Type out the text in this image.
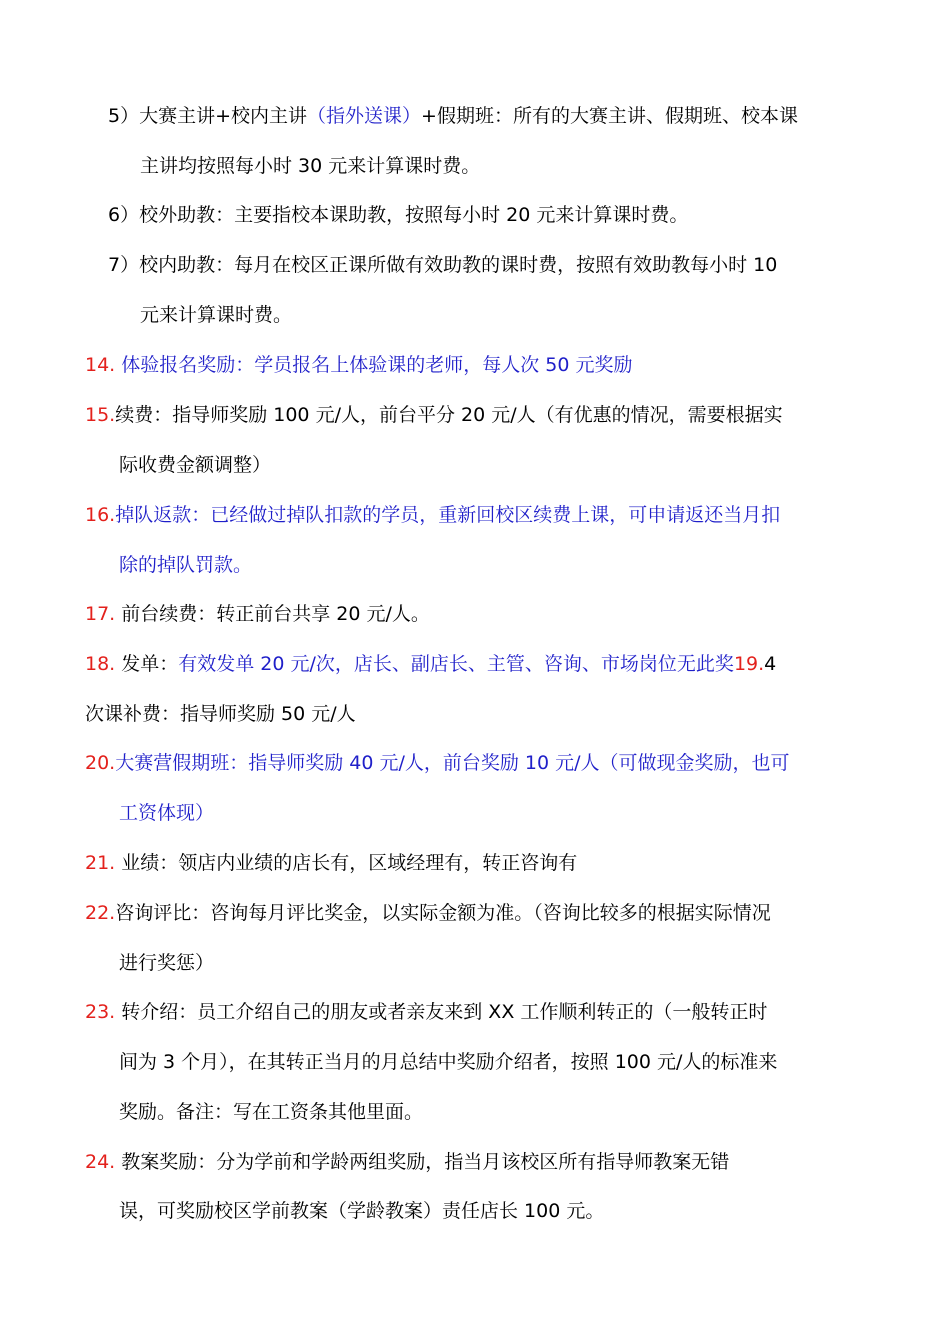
5）大赛主讲+校内主讲（指外送课）+假期班：所有的大赛主讲、假期班、校本课
主讲均按照每小时 30 元来计算课时费。
6）校外助教：主要指校本课助教，按照每小时 20 元来计算课时费。
7）校内助教：每月在校区正课所做有效助教的课时费，按照有效助教每小时 10
元来计算课时费。
14. 体验报名奖励：学员报名上体验课的老师，每人次 50 元奖励
15.续费：指导师奖励 100 元/人，前台平分 20 元/人（有优惠的情况，需要根据实
际收费金额调整）
16.掉队返款：已经做过掉队扣款的学员，重新回校区续费上课，可申请返还当月扣
除的掉队罚款。
17. 前台续费：转正前台共享 20 元/人。
18. 发单：有效发单 20 元/次，店长、副店长、主管、咨询、市场岗位无此奖19.4
次课补费：指导师奖励 50 元/人
20.大赛营假期班：指导师奖励 40 元/人，前台奖励 10 元/人（可做现金奖励，也可
工资体现）
21. 业绩：领店内业绩的店长有，区域经理有，转正咨询有
22.咨询评比：咨询每月评比奖金，以实际金额为准。（咨询比较多的根据实际情况
进行奖惩）
23. 转介绍：员工介绍自己的朋友或者亲友来到 XX 工作顺利转正的（一般转正时
间为 3 个月），在其转正当月的月总结中奖励介绍者，按照 100 元/人的标准来
奖励。备注：写在工资条其他里面。
24. 教案奖励：分为学前和学龄两组奖励，指当月该校区所有指导师教案无错
误，可奖励校区学前教案（学龄教案）责任店长 100 元。
